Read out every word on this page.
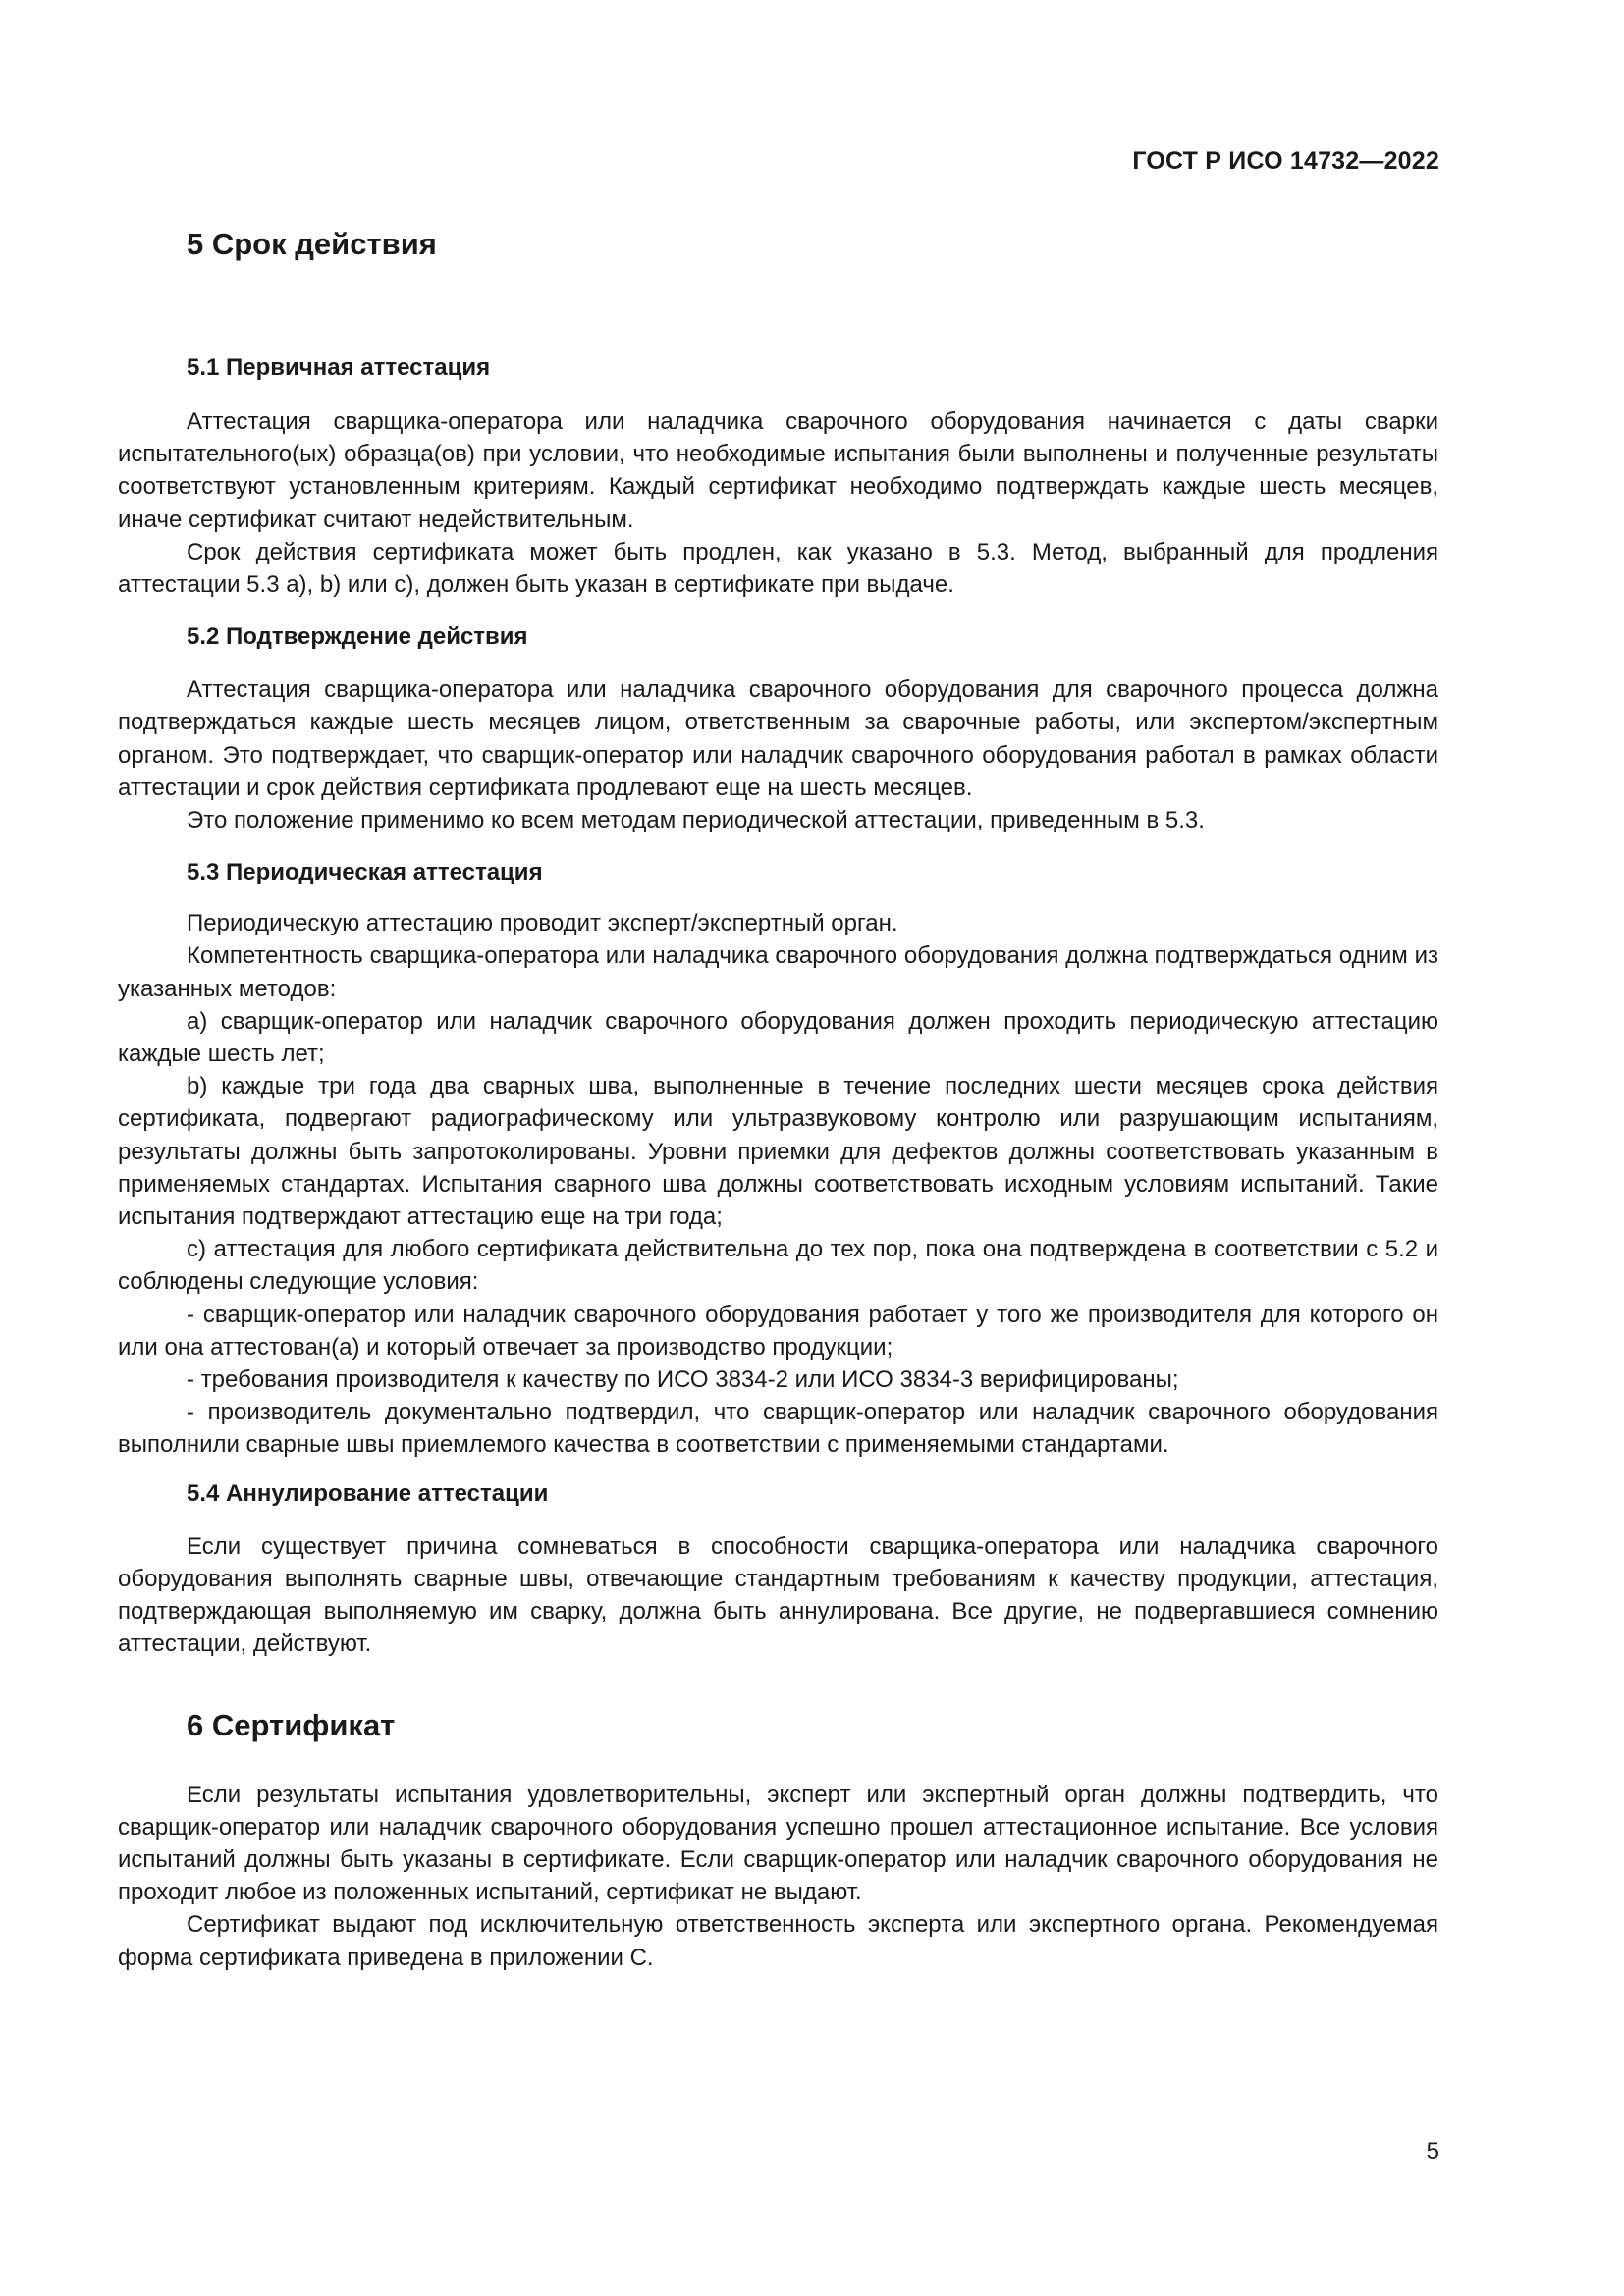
ГОСТ Р ИСО 14732—2022
5 Срок действия
5.1 Первичная аттестация

Аттестация сварщика-оператора или наладчика сварочного оборудования начинается с даты сварки испытательного(ых) образца(ов) при условии, что необходимые испытания были выполнены и полученные результаты соответствуют установленным критериям. Каждый сертификат необходимо подтверждать каждые шесть месяцев, иначе сертификат считают недействительным.

Срок действия сертификата может быть продлен, как указано в 5.3. Метод, выбранный для продления аттестации 5.3 а), b) или с), должен быть указан в сертификате при выдаче.

5.2 Подтверждение действия

Аттестация сварщика-оператора или наладчика сварочного оборудования для сварочного процесса должна подтверждаться каждые шесть месяцев лицом, ответственным за сварочные работы, или экспертом/экспертным органом. Это подтверждает, что сварщик-оператор или наладчик сварочного оборудования работал в рамках области аттестации и срок действия сертификата продлевают еще на шесть месяцев.

Это положение применимо ко всем методам периодической аттестации, приведенным в 5.3.

5.3 Периодическая аттестация

Периодическую аттестацию проводит эксперт/экспертный орган.

Компетентность сварщика-оператора или наладчика сварочного оборудования должна подтверждаться одним из указанных методов:

а) сварщик-оператор или наладчик сварочного оборудования должен проходить периодическую аттестацию каждые шесть лет;

b) каждые три года два сварных шва, выполненные в течение последних шести месяцев срока действия сертификата, подвергают радиографическому или ультразвуковому контролю или разрушающим испытаниям, результаты должны быть запротоколированы. Уровни приемки для дефектов должны соответствовать указанным в применяемых стандартах. Испытания сварного шва должны соответствовать исходным условиям испытаний. Такие испытания подтверждают аттестацию еще на три года;

с) аттестация для любого сертификата действительна до тех пор, пока она подтверждена в соответствии с 5.2 и соблюдены следующие условия:

- сварщик-оператор или наладчик сварочного оборудования работает у того же производителя для которого он или она аттестован(а) и который отвечает за производство продукции;

- требования производителя к качеству по ИСО 3834-2 или ИСО 3834-3 верифицированы;

- производитель документально подтвердил, что сварщик-оператор или наладчик сварочного оборудования выполнили сварные швы приемлемого качества в соответствии с применяемыми стандартами.

5.4 Аннулирование аттестации

Если существует причина сомневаться в способности сварщика-оператора или наладчика сварочного оборудования выполнять сварные швы, отвечающие стандартным требованиям к качеству продукции, аттестация, подтверждающая выполняемую им сварку, должна быть аннулирована. Все другие, не подвергавшиеся сомнению аттестации, действуют.

6 Сертификат

Если результаты испытания удовлетворительны, эксперт или экспертный орган должны подтвердить, что сварщик-оператор или наладчик сварочного оборудования успешно прошел аттестационное испытание. Все условия испытаний должны быть указаны в сертификате. Если сварщик-оператор или наладчик сварочного оборудования не проходит любое из положенных испытаний, сертификат не выдают.

Сертификат выдают под исключительную ответственность эксперта или экспертного органа. Рекомендуемая форма сертификата приведена в приложении С.

5
